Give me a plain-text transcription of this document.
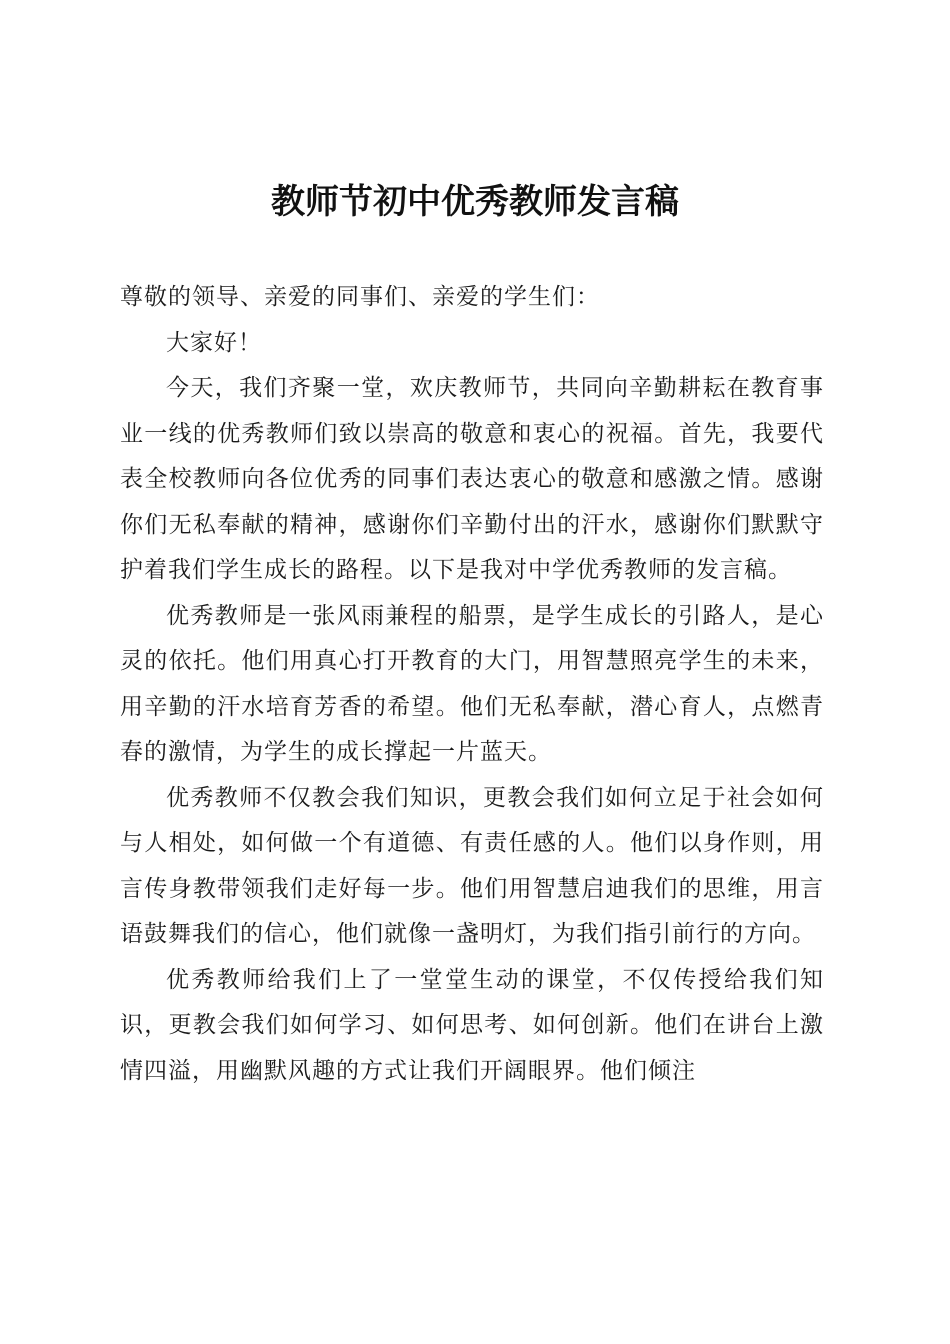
教师节初中优秀教师发言稿

尊敬的领导、亲爱的同事们、亲爱的学生们：

大家好！

今天，我们齐聚一堂，欢庆教师节，共同向辛勤耕耘在教育事业一线的优秀教师们致以崇高的敬意和衷心的祝福。首先，我要代表全校教师向各位优秀的同事们表达衷心的敬意和感激之情。感谢你们无私奉献的精神，感谢你们辛勤付出的汗水，感谢你们默默守护着我们学生成长的路程。以下是我对中学优秀教师的发言稿。

优秀教师是一张风雨兼程的船票，是学生成长的引路人，是心灵的依托。他们用真心打开教育的大门，用智慧照亮学生的未来，用辛勤的汗水培育芳香的希望。他们无私奉献，潜心育人，点燃青春的激情，为学生的成长撑起一片蓝天。

优秀教师不仅教会我们知识，更教会我们如何立足于社会如何与人相处，如何做一个有道德、有责任感的人。他们以身作则，用言传身教带领我们走好每一步。他们用智慧启迪我们的思维，用言语鼓舞我们的信心，他们就像一盏明灯，为我们指引前行的方向。

优秀教师给我们上了一堂堂生动的课堂，不仅传授给我们知识，更教会我们如何学习、如何思考、如何创新。他们在讲台上激情四溢，用幽默风趣的方式让我们开阔眼界。他们倾注
